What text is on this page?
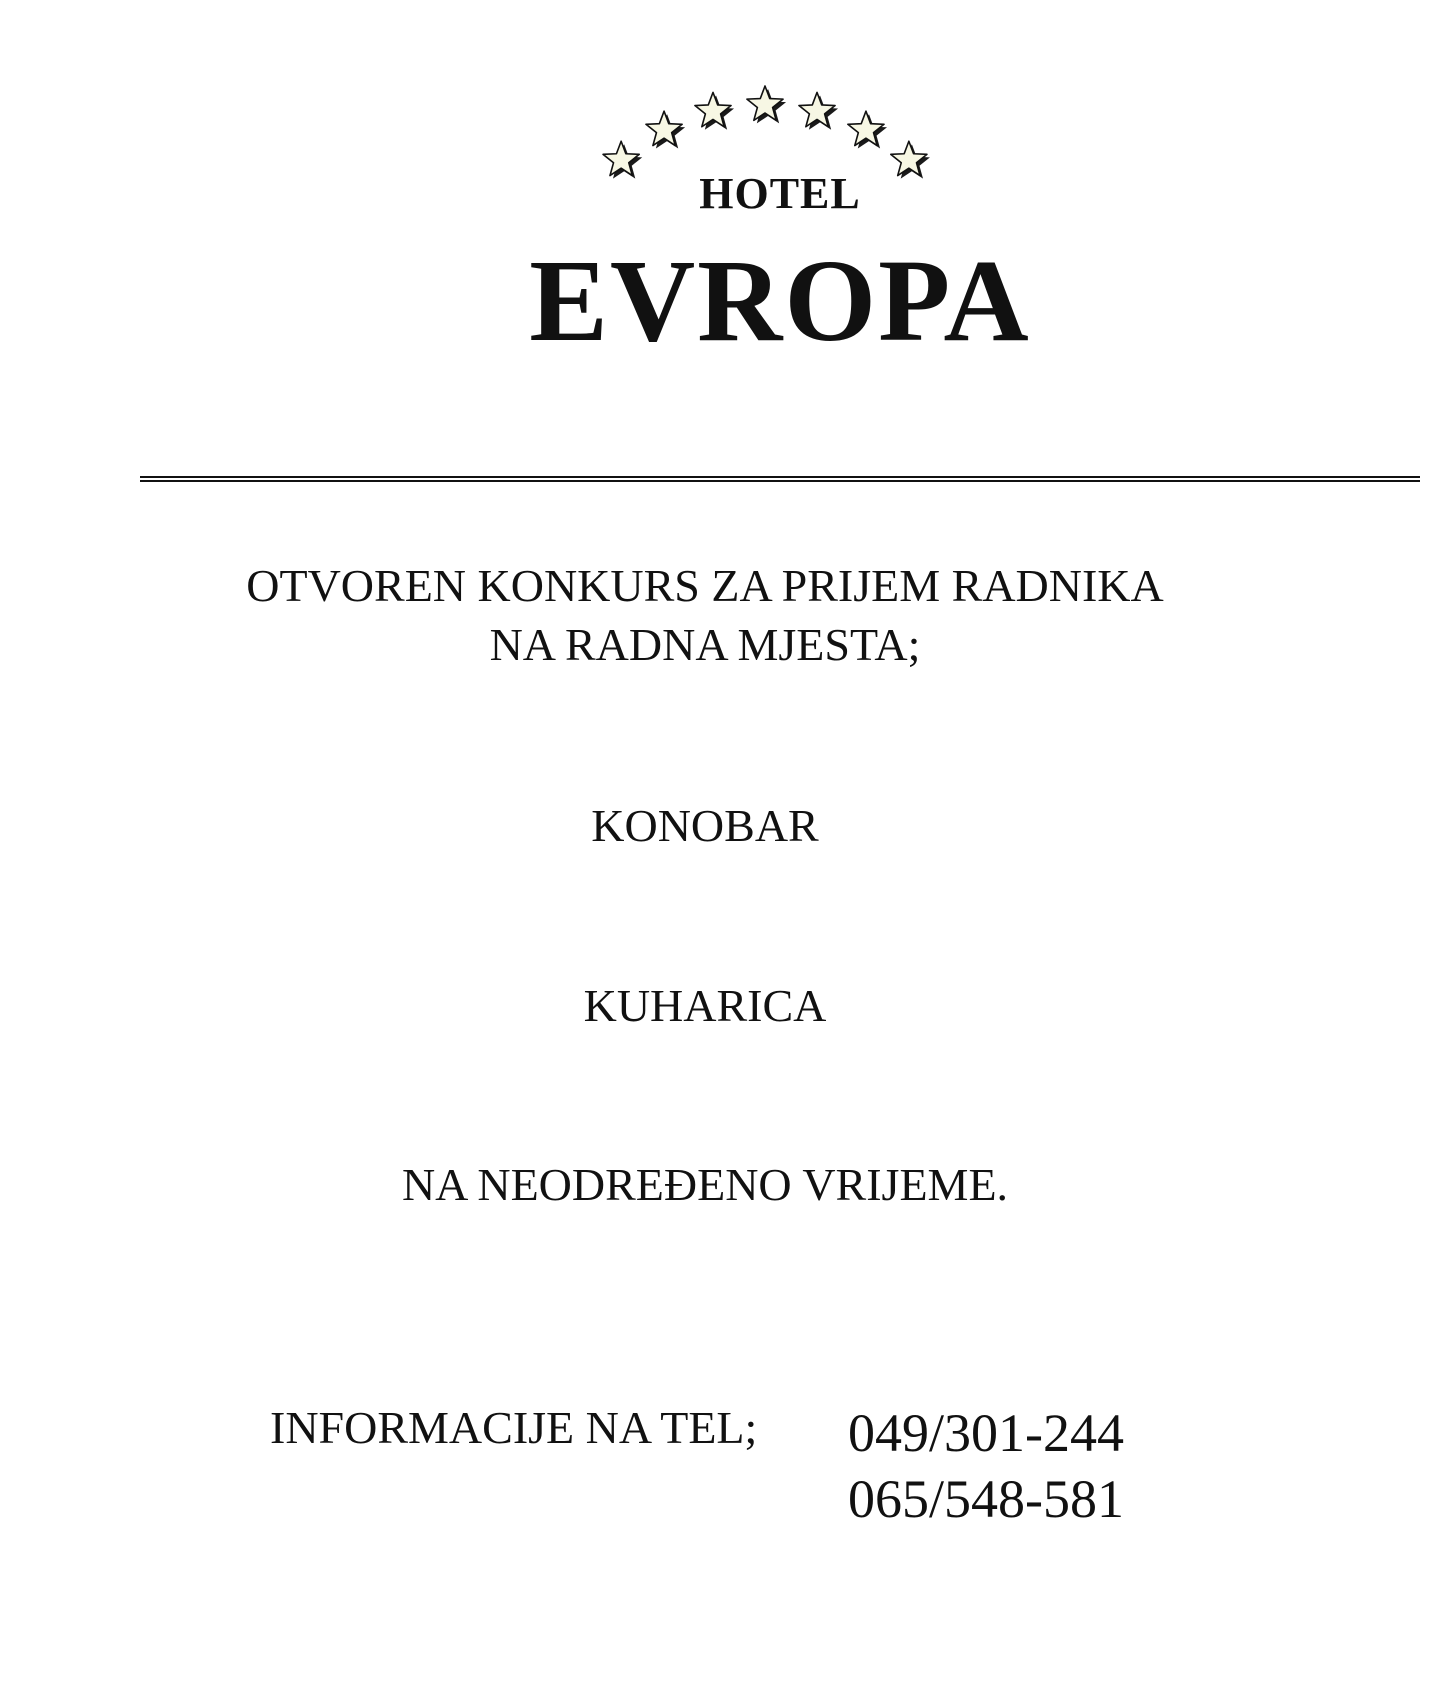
HOTEL
EVROPA
OTVOREN KONKURS ZA PRIJEM RADNIKA
NA RADNA MJESTA;
KONOBAR
KUHARICA
NA NEODREĐENO VRIJEME.
INFORMACIJE NA TEL; 049/301-244
065/548-581
